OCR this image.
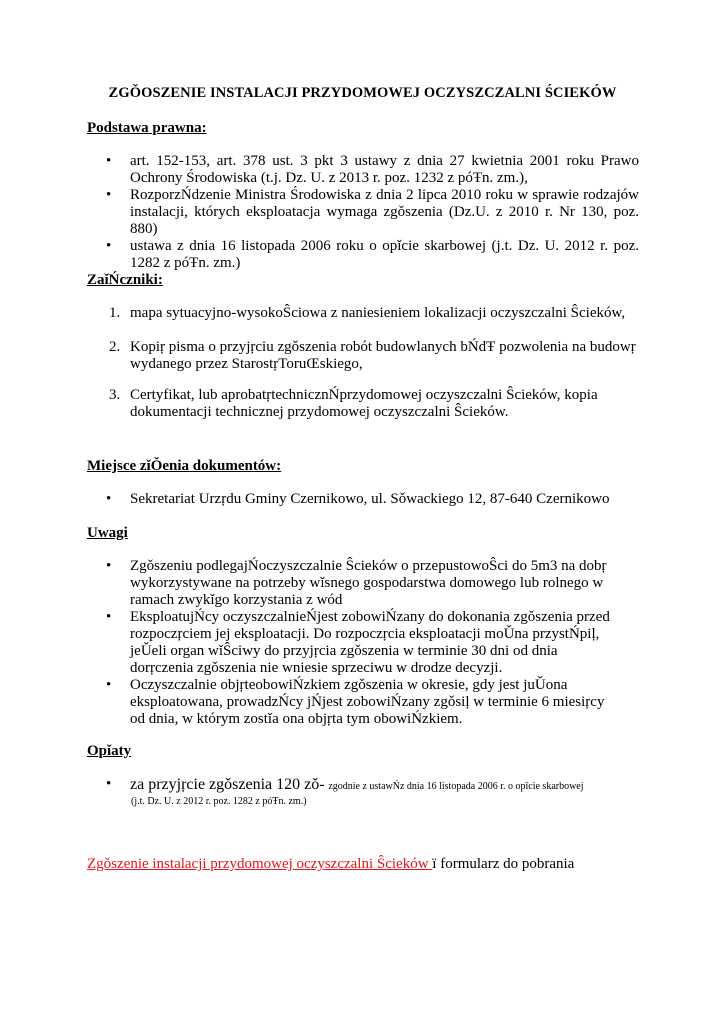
ZGǑOSZENIE INSTALACJI PRZYDOMOWEJ OCZYSZCZALNI ŚCIEKÓW
Podstawa prawna:
• art. 152-153, art. 378 ust. 3 pkt 3 ustawy z dnia 27 kwietnia 2001 roku Prawo Ochrony Środowiska (t.j. Dz. U. z 2013 r. poz. 1232 z póŦn. zm.),
• RozporzŃdzenie Ministra Środowiska z dnia 2 lipca 2010 roku w sprawie rodzajów instalacji, których eksploatacja wymaga zgǒszenia (Dz.U. z 2010 r. Nr 130, poz. 880)
• ustawa z dnia 16 listopada 2006 roku o opǐcie skarbowej (j.t. Dz. U. 2012 r. poz. 1282 z póŦn. zm.)
ZaǐŃczniki:
1. mapa sytuacyjno-wysokoŜciowa z naniesieniem lokalizacji oczyszczalni Ŝcieków,
2. Kopiŗ pisma o przyjŗciu zgǒszenia robót budowlanych bŃdŦ pozwolenia na budowŗ wydanego przez StarostŗToruŒskiego,
3. Certyfikat, lub aprobatŗtechnicznŃprzydomowej oczyszczalni Ŝcieków, kopia dokumentacji technicznej przydomowej oczyszczalni Ŝcieków.
Miejsce zǐǑenia dokumentów:
• Sekretariat Urzŗdu Gminy Czernikowo, ul. Sǒwackiego 12, 87-640 Czernikowo
Uwagi
• Zgǒszeniu podlegajŃoczyszczalnie Ŝcieków o przepustowoŜci do 5m3 na dobŗ wykorzystywane na potrzeby wǐsnego gospodarstwa domowego lub rolnego w ramach zwykǐgo korzystania z wód
• EksploatujŃcy oczyszczalnieŃjest zobowiŃzany do dokonania zgǒszenia przed rozpoczŗciem jej eksploatacji. Do rozpoczŗcia eksploatacji moǓna przystŃpiļ, jeǓeli organ wǐŜciwy do przyjŗcia zgǒszenia w terminie 30 dni od dnia dorŗczenia zgǒszenia nie wniesie sprzeciwu w drodze decyzji.
• Oczyszczalnie objŗteobowiŃzkiem zgǒszenia w okresie, gdy jest juǓona eksploatowana, prowadzŃcy jŃjest zobowiŃzany zgǒsiļ w terminie 6 miesiŗcy od dnia, w którym zostǐa ona objŗta tym obowiŃzkiem.
Opǐaty
• za przyjŗcie zgǒszenia 120 zǒ- zgodnie z ustawŃz dnia 16 listopada 2006 r. o opǐcie skarbowej
(j.t. Dz. U. z 2012 r. poz. 1282 z póŦn. zm.)
Zgǒszenie instalacji przydomowej oczyszczalni Ŝcieków ï formularz do pobrania
